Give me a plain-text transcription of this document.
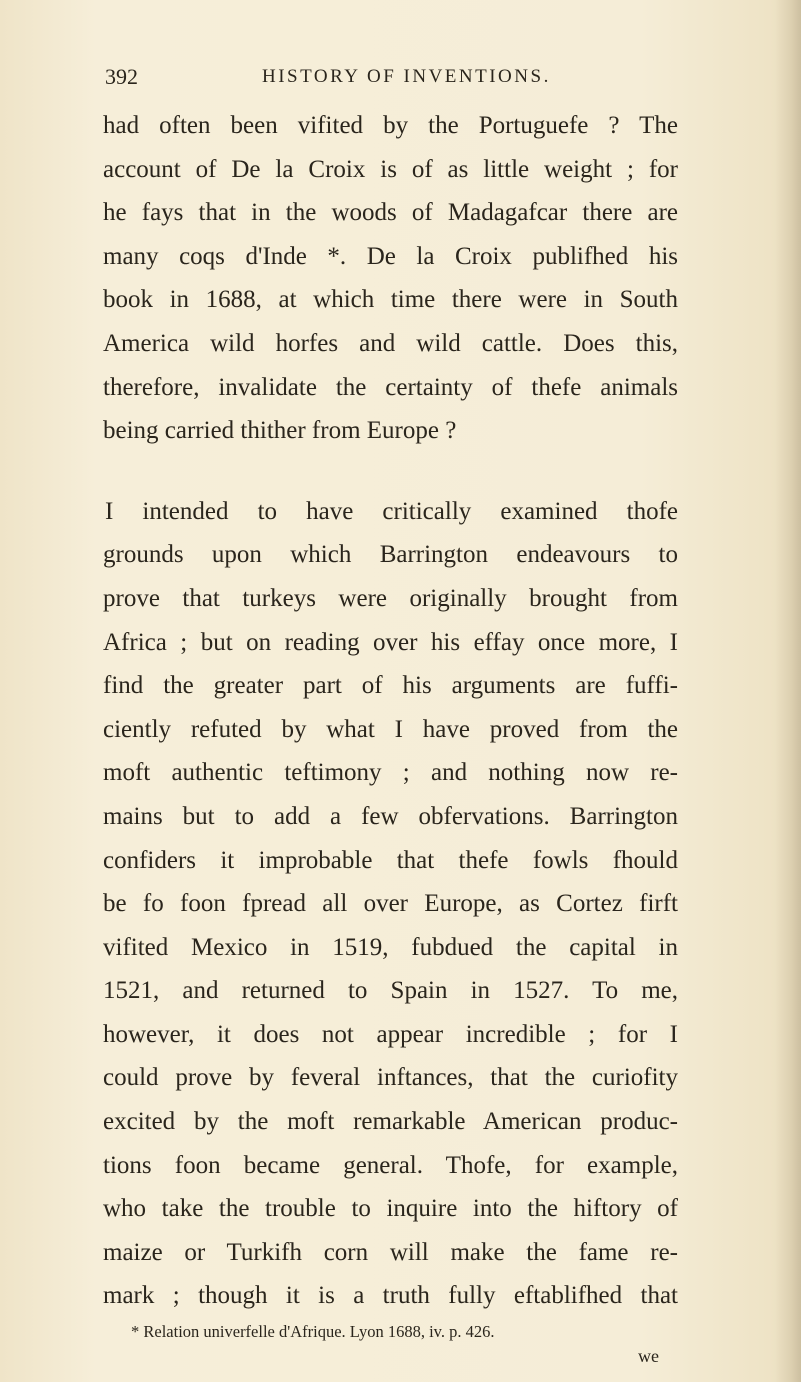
392	HISTORY OF INVENTIONS.
had often been vifited by the Portuguefe ? The
account of De la Croix is of as little weight ; for
he fays that in the woods of Madagafcar there are
many coqs d'Inde *. De la Croix publifhed his
book in 1688, at which time there were in South
America wild horfes and wild cattle. Does this,
therefore, invalidate the certainty of thefe animals
being carried thither from Europe ?
I intended to have critically examined thofe
grounds upon which Barrington endeavours to
prove that turkeys were originally brought from
Africa ; but on reading over his effay once more, I
find the greater part of his arguments are fuffi-
ciently refuted by what I have proved from the
moft authentic teftimony ; and nothing now re-
mains but to add a few obfervations. Barrington
confiders it improbable that thefe fowls fhould
be fo foon fpread all over Europe, as Cortez firft
vifited Mexico in 1519, fubdued the capital in
1521, and returned to Spain in 1527. To me,
however, it does not appear incredible ; for I
could prove by feveral inftances, that the curiofity
excited by the moft remarkable American produc-
tions foon became general. Thofe, for example,
who take the trouble to inquire into the hiftory of
maize or Turkifh corn will make the fame re-
mark ; though it is a truth fully eftablifhed that
* Relation univerfelle d'Afrique. Lyon 1688, iv. p. 426.
we
